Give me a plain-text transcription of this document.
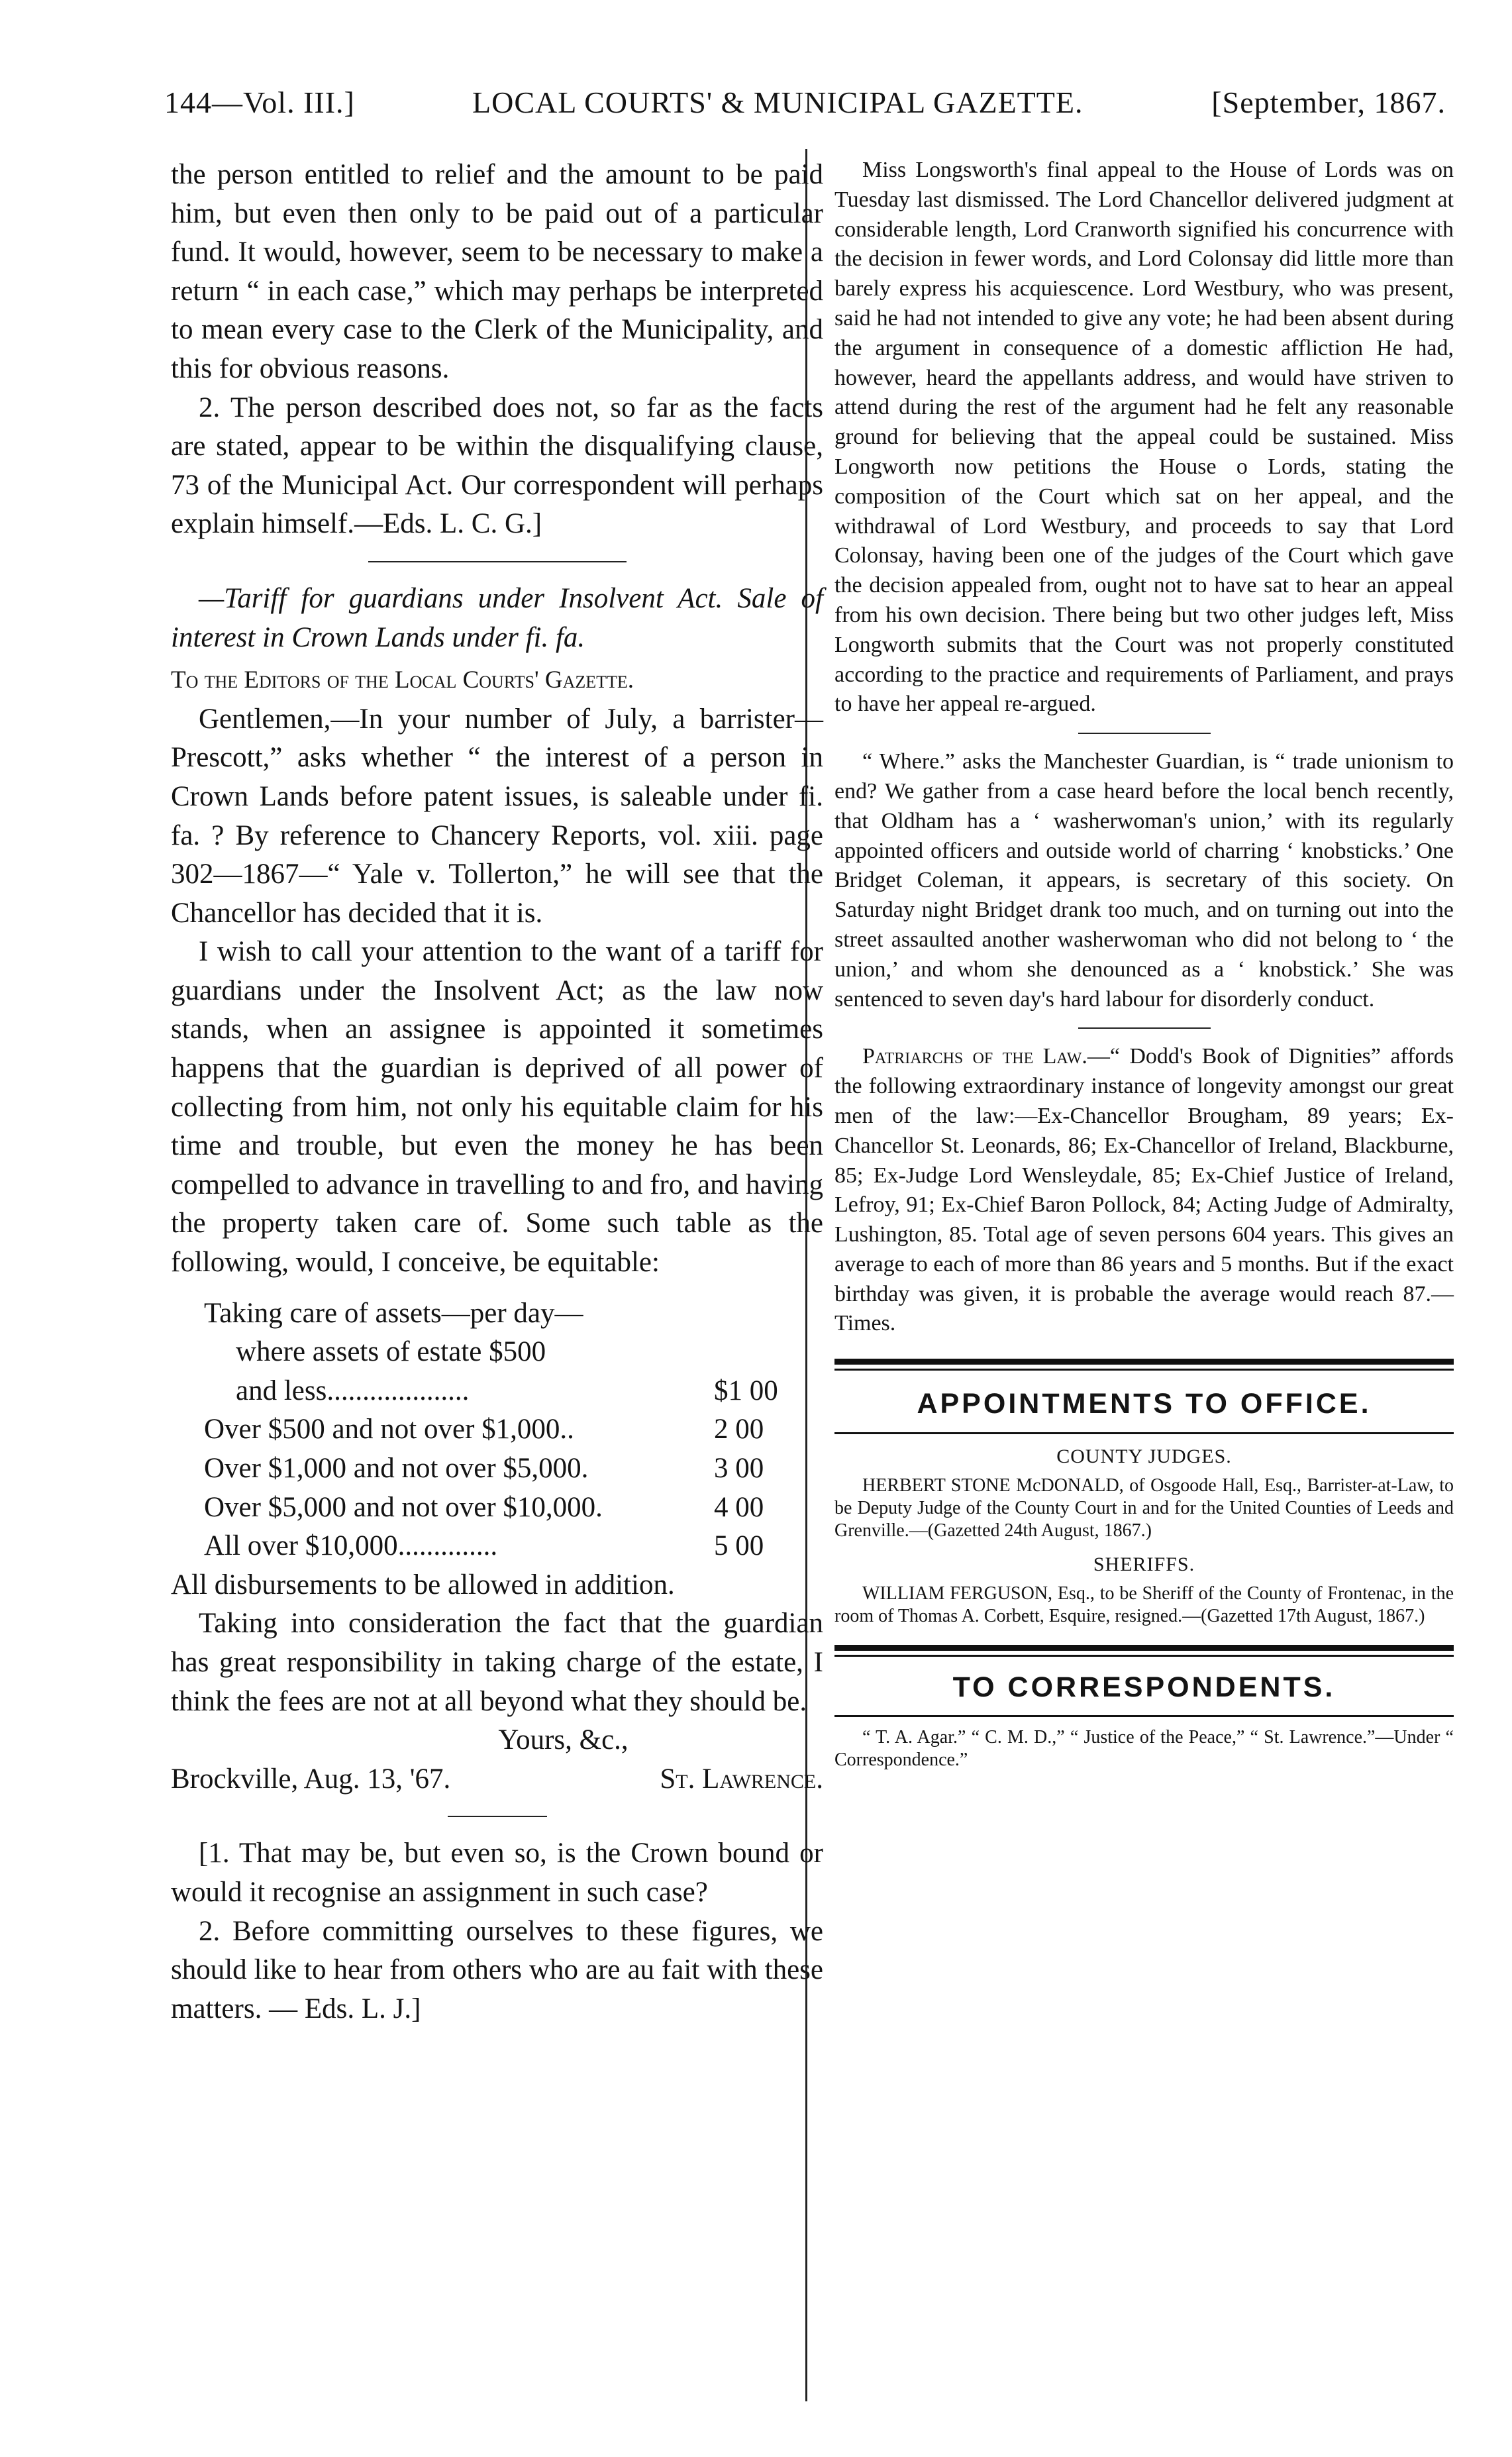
144—Vol. III.]	LOCAL COURTS' & MUNICIPAL GAZETTE.	[September, 1867.

the person entitled to relief and the amount to be paid him, but even then only to be paid out of a particular fund. It would, however, seem to be necessary to make a return “ in each case,” which may perhaps be interpreted to mean every case to the Clerk of the Municipality, and this for obvious reasons.

2. The person described does not, so far as the facts are stated, appear to be within the disqualifying clause, 73 of the Municipal Act. Our correspondent will perhaps explain himself.—Eds. L. C. G.]

—Tariff for guardians under Insolvent Act. Sale of interest in Crown Lands under fi. fa.

To the Editors of the Local Courts' Gazette.

Gentlemen,—In your number of July, a barrister—Prescott,” asks whether “ the interest of a person in Crown Lands before patent issues, is saleable under fi. fa. ? By reference to Chancery Reports, vol. xiii. page 302—1867—“ Yale v. Tollerton,” he will see that the Chancellor has decided that it is.

I wish to call your attention to the want of a tariff for guardians under the Insolvent Act; as the law now stands, when an assignee is appointed it sometimes happens that the guardian is deprived of all power of collecting from him, not only his equitable claim for his time and trouble, but even the money he has been compelled to advance in travelling to and fro, and having the property taken care of. Some such table as the following, would, I conceive, be equitable:

Taking care of assets—per day—
where assets of estate $500
and less....................	$1 00
Over $500 and not over $1,000..	2 00
Over $1,000 and not over $5,000.	3 00
Over $5,000 and not over $10,000.	4 00
All over $10,000..............	5 00

All disbursements to be allowed in addition.

Taking into consideration the fact that the guardian has great responsibility in taking charge of the estate, I think the fees are not at all beyond what they should be.

Yours, &c.,

Brockville, Aug. 13, '67.	St. Lawrence.

[1. That may be, but even so, is the Crown bound or would it recognise an assignment in such case?

2. Before committing ourselves to these figures, we should like to hear from others who are au fait with these matters. — Eds. L. J.]

Miss Longsworth's final appeal to the House of Lords was on Tuesday last dismissed. The Lord Chancellor delivered judgment at considerable length, Lord Cranworth signified his concurrence with the decision in fewer words, and Lord Colonsay did little more than barely express his acquiescence. Lord Westbury, who was present, said he had not intended to give any vote; he had been absent during the argument in consequence of a domestic affliction He had, however, heard the appellants address, and would have striven to attend during the rest of the argument had he felt any reasonable ground for believing that the appeal could be sustained. Miss Longworth now petitions the House o Lords, stating the composition of the Court which sat on her appeal, and the withdrawal of Lord Westbury, and proceeds to say that Lord Colonsay, having been one of the judges of the Court which gave the decision appealed from, ought not to have sat to hear an appeal from his own decision. There being but two other judges left, Miss Longworth submits that the Court was not properly constituted according to the practice and requirements of Parliament, and prays to have her appeal re-argued.

“ Where.” asks the Manchester Guardian, is “ trade unionism to end? We gather from a case heard before the local bench recently, that Oldham has a ‘ washerwoman's union,’ with its regularly appointed officers and outside world of charring ‘ knobsticks.’ One Bridget Coleman, it appears, is secretary of this society. On Saturday night Bridget drank too much, and on turning out into the street assaulted another washerwoman who did not belong to ‘ the union,’ and whom she denounced as a ‘ knobstick.’ She was sentenced to seven day's hard labour for disorderly conduct.

Patriarchs of the Law.—“ Dodd's Book of Dignities” affords the following extraordinary instance of longevity amongst our great men of the law:—Ex-Chancellor Brougham, 89 years; Ex-Chancellor St. Leonards, 86; Ex-Chancellor of Ireland, Blackburne, 85; Ex-Judge Lord Wensleydale, 85; Ex-Chief Justice of Ireland, Lefroy, 91; Ex-Chief Baron Pollock, 84; Acting Judge of Admiralty, Lushington, 85. Total age of seven persons 604 years. This gives an average to each of more than 86 years and 5 months. But if the exact birthday was given, it is probable the average would reach 87.—Times.

APPOINTMENTS TO OFFICE.
COUNTY JUDGES.

HERBERT STONE McDONALD, of Osgoode Hall, Esq., Barrister-at-Law, to be Deputy Judge of the County Court in and for the United Counties of Leeds and Grenville.—(Gazetted 24th August, 1867.)

SHERIFFS.

WILLIAM FERGUSON, Esq., to be Sheriff of the County of Frontenac, in the room of Thomas A. Corbett, Esquire, resigned.—(Gazetted 17th August, 1867.)

TO CORRESPONDENTS.

“ T. A. Agar.” “ C. M. D.,” “ Justice of the Peace,” “ St. Lawrence.”—Under “ Correspondence.”
